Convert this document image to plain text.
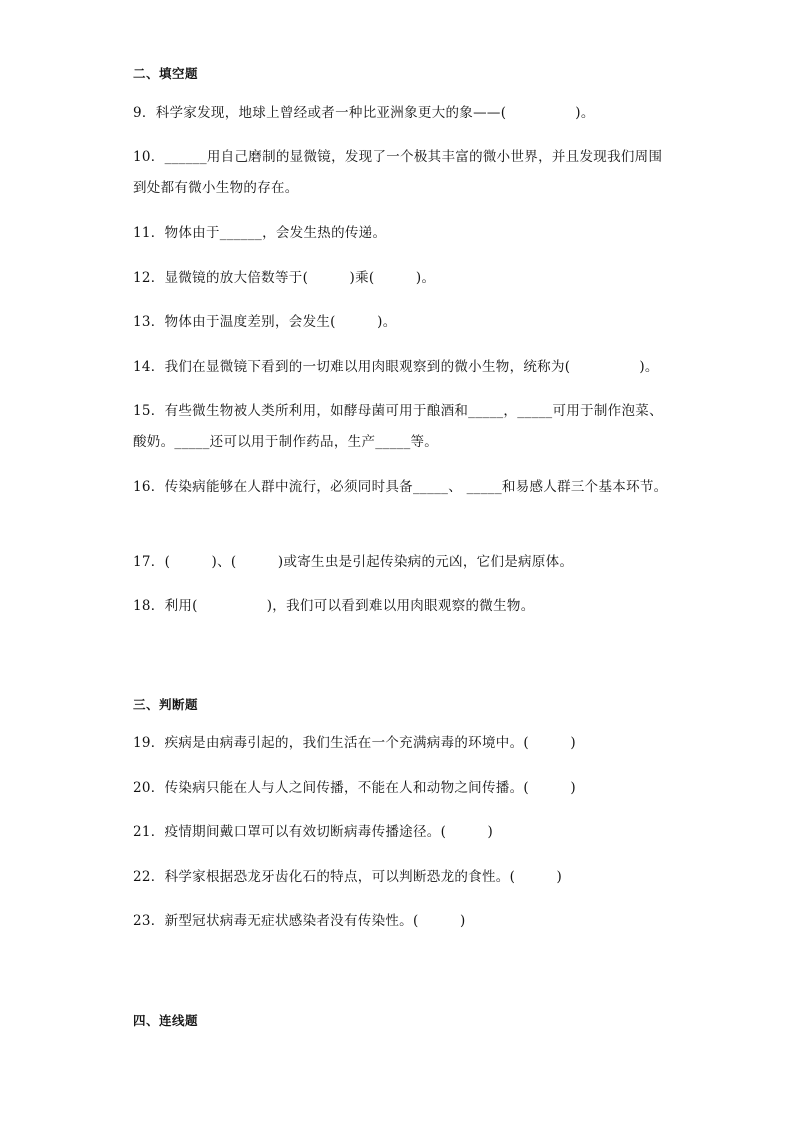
二、填空题
9．科学家发现，地球上曾经或者一种比亚洲象更大的象——(　　　　　)。
10．______用自己磨制的显微镜，发现了一个极其丰富的微小世界，并且发现我们周围到处都有微小生物的存在。
11．物体由于______，会发生热的传递。
12．显微镜的放大倍数等于(　　　)乘(　　　)。
13．物体由于温度差别，会发生(　　　)。
14．我们在显微镜下看到的一切难以用肉眼观察到的微小生物，统称为(　　　　　)。
15．有些微生物被人类所利用，如酵母菌可用于酿酒和_____，_____可用于制作泡菜、酸奶。_____还可以用于制作药品，生产_____等。
16．传染病能够在人群中流行，必须同时具备_____、 _____和易感人群三个基本环节。
17．(　　　)、(　　　)或寄生虫是引起传染病的元凶，它们是病原体。
18．利用(　　　　　)，我们可以看到难以用肉眼观察的微生物。
三、判断题
19．疾病是由病毒引起的，我们生活在一个充满病毒的环境中。(　　　)
20．传染病只能在人与人之间传播，不能在人和动物之间传播。(　　　)
21．疫情期间戴口罩可以有效切断病毒传播途径。(　　　)
22．科学家根据恐龙牙齿化石的特点，可以判断恐龙的食性。(　　　)
23．新型冠状病毒无症状感染者没有传染性。(　　　)
四、连线题
